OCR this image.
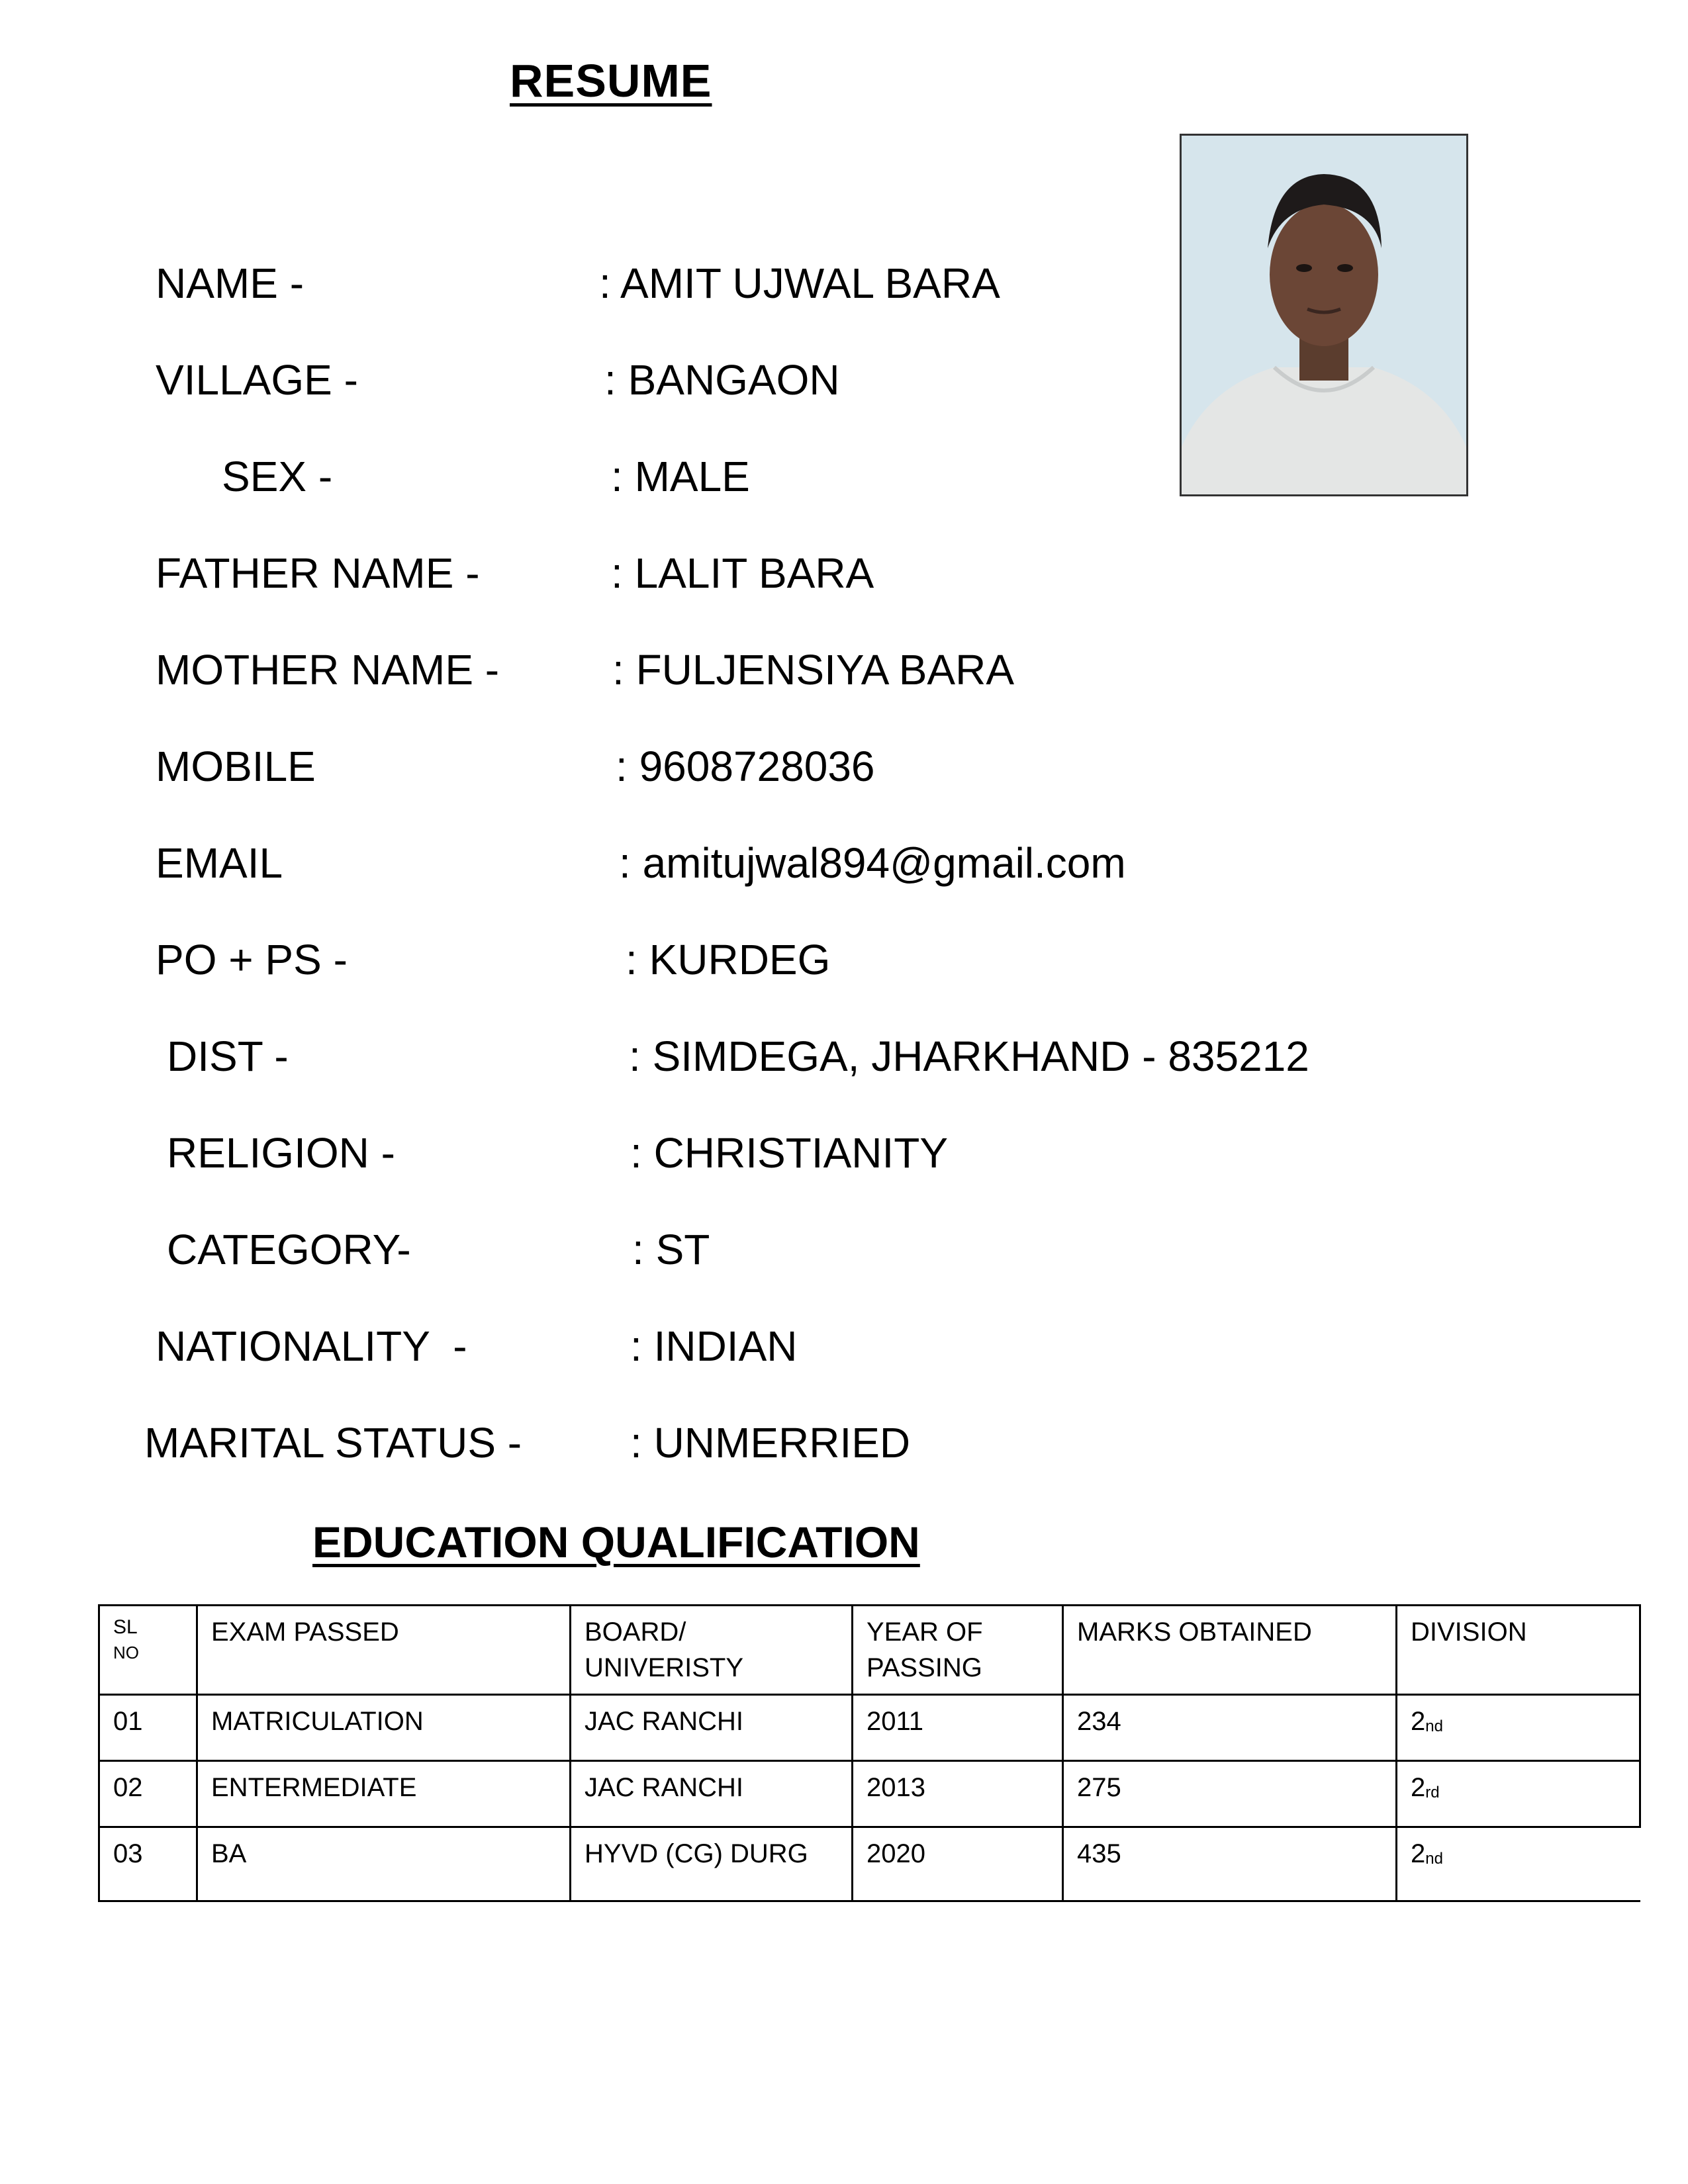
RESUME
NAME -	: AMIT UJWAL BARA
VILLAGE -	: BANGAON
SEX -	: MALE
FATHER NAME -	: LALIT BARA
MOTHER NAME -	: FULJENSIYA BARA
MOBILE	: 9608728036
EMAIL	: amitujwal894@gmail.com
PO + PS -	: KURDEG
DIST -	: SIMDEGA, JHARKHAND - 835212
RELIGION -	: CHRISTIANITY
CATEGORY-	: ST
NATIONALITY  -	: INDIAN
MARITAL STATUS -	: UNMERRIED
EDUCATION QUALIFICATION
SL
NO	EXAM PASSED	BOARD/ UNIVERISTY	YEAR OF PASSING	MARKS OBTAINED	DIVISION
01	MATRICULATION	JAC RANCHI	2011	234	2nd
02	ENTERMEDIATE	JAC RANCHI	2013	275	2rd
03	BA	HYVD (CG) DURG	2020	435	2nd
